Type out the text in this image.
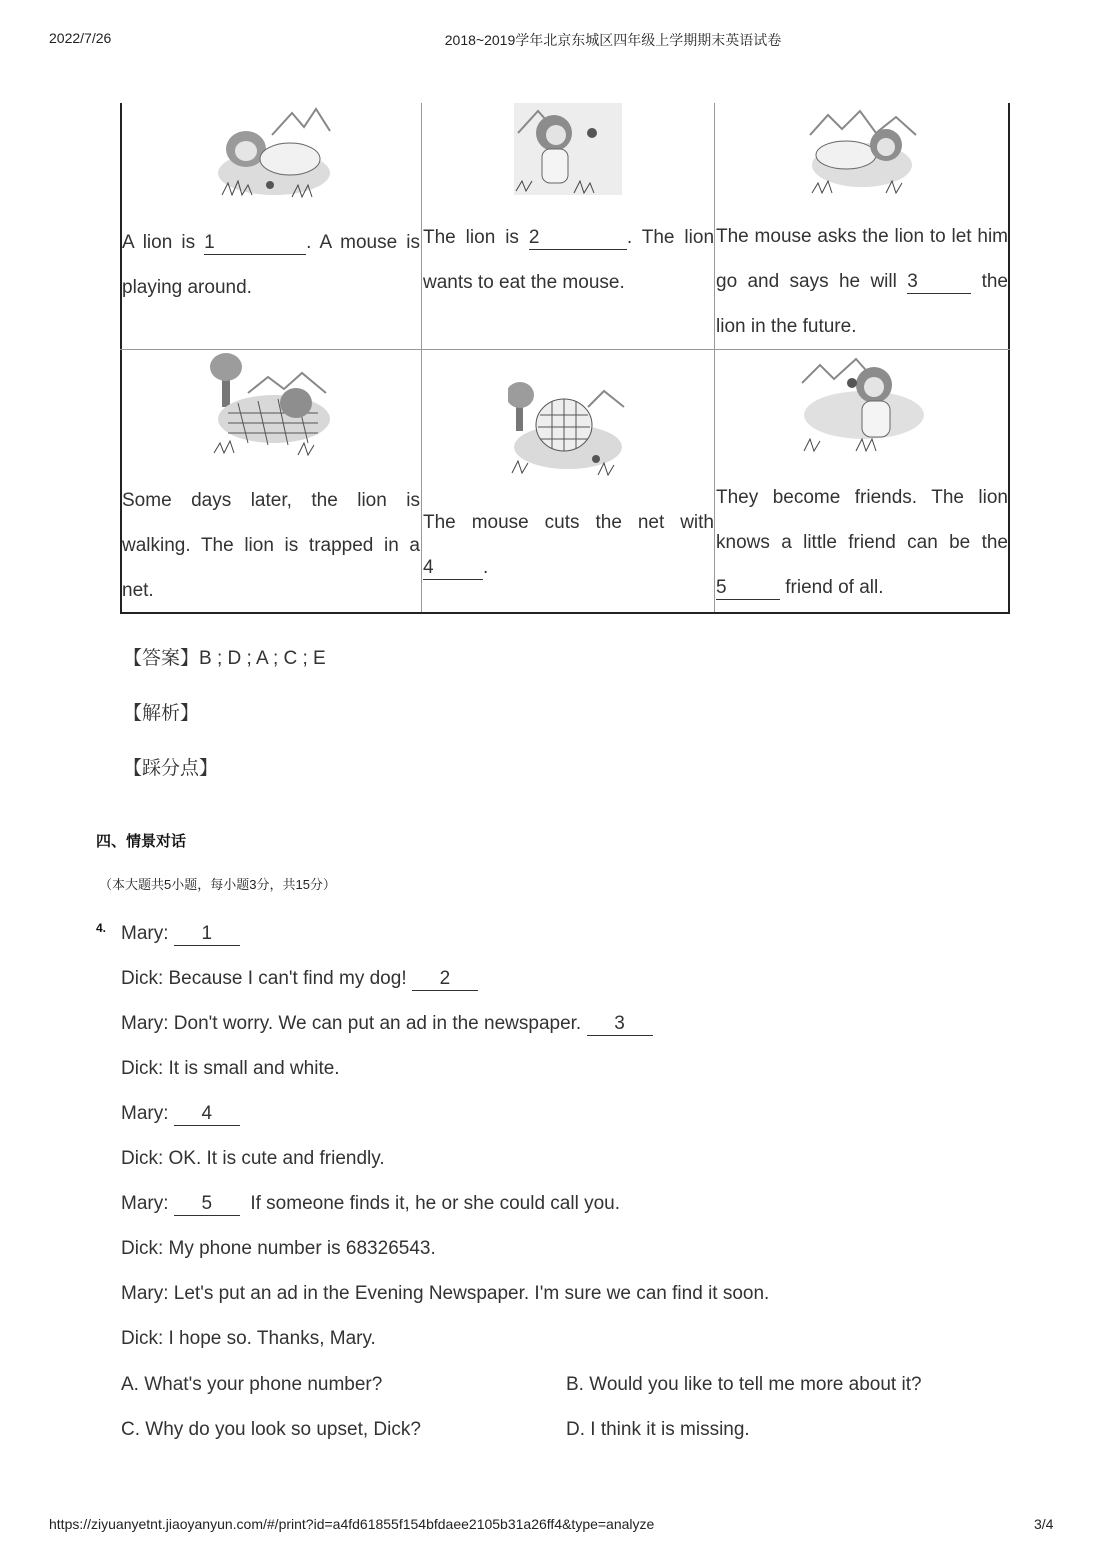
2022/7/26	2018~2019学年北京东城区四年级上学期期末英语试卷
A lion is 1	. A mouse is playing around.
The lion is 2	. The lion wants to eat the mouse.
The mouse asks the lion to let him go and says he will 3	the lion in the future.
Some days later, the lion is walking. The lion is trapped in a net.
The mouse cuts the net with 4	.
They become friends. The lion knows a little friend can be the 5	friend of all.
【答案】B ; D ; A ; C ; E
【解析】
【踩分点】
四、情景对话
（本大题共5小题，每小题3分，共15分）
4. Mary: 1

Dick: Because I can't find my dog! 2

Mary: Don't worry. We can put an ad in the newspaper. 3

Dick: It is small and white.

Mary: 4

Dick: OK. It is cute and friendly.

Mary: 5  If someone finds it, he or she could call you.

Dick: My phone number is 68326543.

Mary: Let's put an ad in the Evening Newspaper. I'm sure we can find it soon.

Dick: I hope so. Thanks, Mary.

A. What's your phone number?	B. Would you like to tell me more about it?

C. Why do you look so upset, Dick?	D. I think it is missing.

https://ziyuanyetnt.jiaoyanyun.com/#/print?id=a4fd61855f154bfdaee2105b31a26ff4&type=analyze	3/4
